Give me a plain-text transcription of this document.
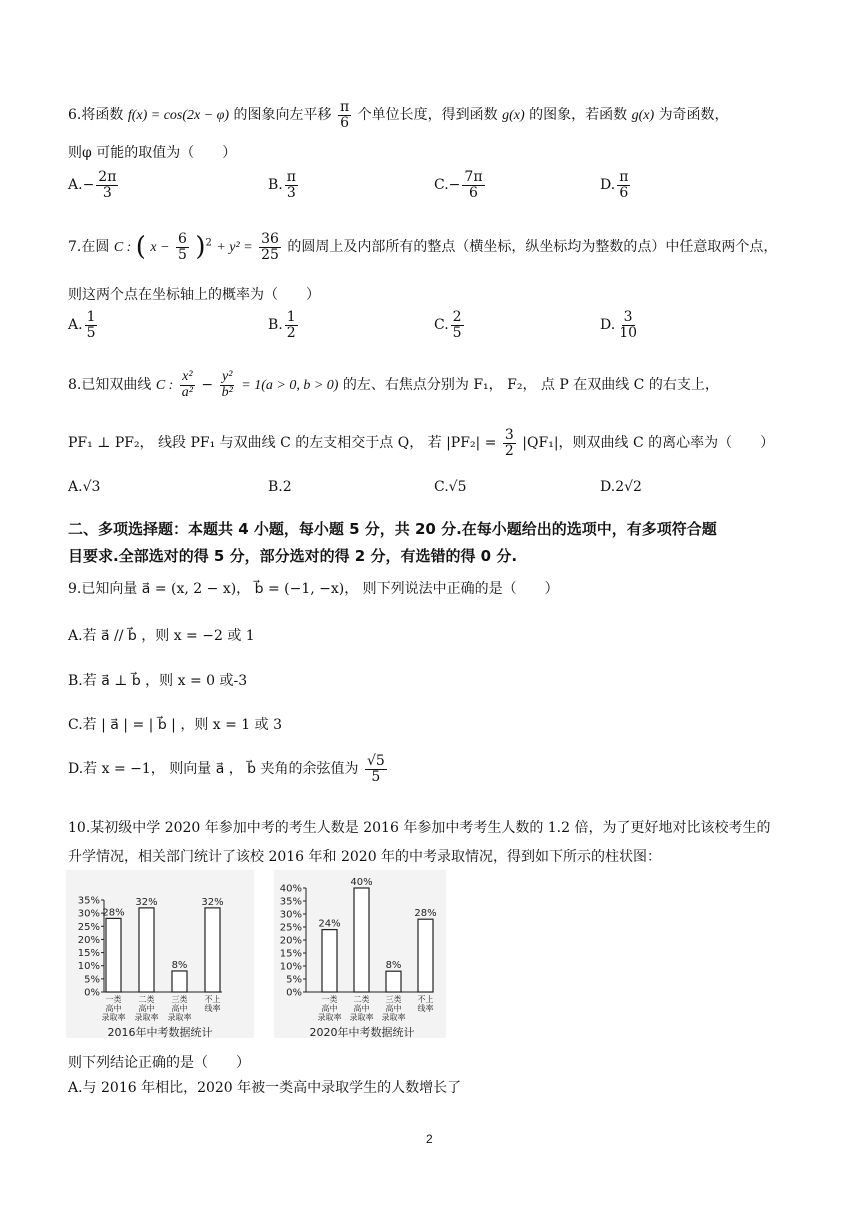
6.将函数 f(x) = cos(2x − φ) 的图象向左平移 $\frac{\pi}{6}$ 个单位长度，得到函数 g(x) 的图象，若函数 g(x) 为奇函数，
则φ 可能的取值为（　　）
$A.- \frac{2\pi}{3}$	B. $\frac{\pi}{3}$	$C.- \frac{7\pi}{6}$	D. $\frac{\pi}{6}$
7.在圆 C : ( $x - \frac{6}{5} )^2 + y^2 = \frac{36}{25}$ 的圆周上及内部所有的整点（横坐标，纵坐标均为整数的点）中任意取两个点，
则这两个点在坐标轴上的概率为（　　）
A. $\frac{1}{5}$	B. $\frac{1}{2}$	C. $\frac{2}{5}$	D. $\frac{3}{10}$
8.已知双曲线 C : $\frac{\text{x²}}{\text{a²}} - \frac{\text{y²}}{\text{b²}} = 1(a > 0$, b > 0) 的左、右焦点分别为 F₁， F₂， 点 P 在双曲线 C 的右支上，
PF₁ ⊥ PF₂， 线段 PF₁ 与双曲线 C 的左支相交于点 Q， 若 $|PF_2| = \frac{3}{2} |QF_1|$，则双曲线 C 的离心率为（　　）
A.√3	B.2	C.√5	D.2√2
二、多项选择题：本题共 4 小题，每小题 5 分，共 20 分.在每小题给出的选项中，有多项符合题
目要求.全部选对的得 5 分，部分选对的得 2 分，有选错的得 0 分.
9.已知向量 a⃗ = (x, 2 − x)， b⃗ = (−1, −x)， 则下列说法中正确的是（　　）
A.若 a⃗ // b⃗ ，则 x = −2 或 1
B.若 a⃗ ⊥ b⃗ ，则 x = 0 或-3
C.若 | a⃗ | = | b⃗ | ，则 x = 1 或 3
D.若 x = −1， 则向量 a⃗ ， b⃗ 夹角的余弦值为 $\frac{√5}{5}$
10.某初级中学 2020 年参加中考的考生人数是 2016 年参加中考考生人数的 1.2 倍，为了更好地对比该校考生的
升学情况，相关部门统计了该校 2016 年和 2020 年的中考录取情况，得到如下所示的柱状图：
0%
5%
10%
15%
20%
25%
30%
35%
28%
一类
高中
录取率
32%
二类
高中
录取率
8%
三类
高中
录取率
32%
不上
线率
2016年中考数据统计
0%
5%
10%
15%
20%
25%
30%
35%
40%
24%
一类
高中
录取率
40%
二类
高中
录取率
8%
三类
高中
录取率
28%
不上
线率
2020年中考数据统计
则下列结论正确的是（　　）
A.与 2016 年相比，2020 年被一类高中录取学生的人数增长了
2
